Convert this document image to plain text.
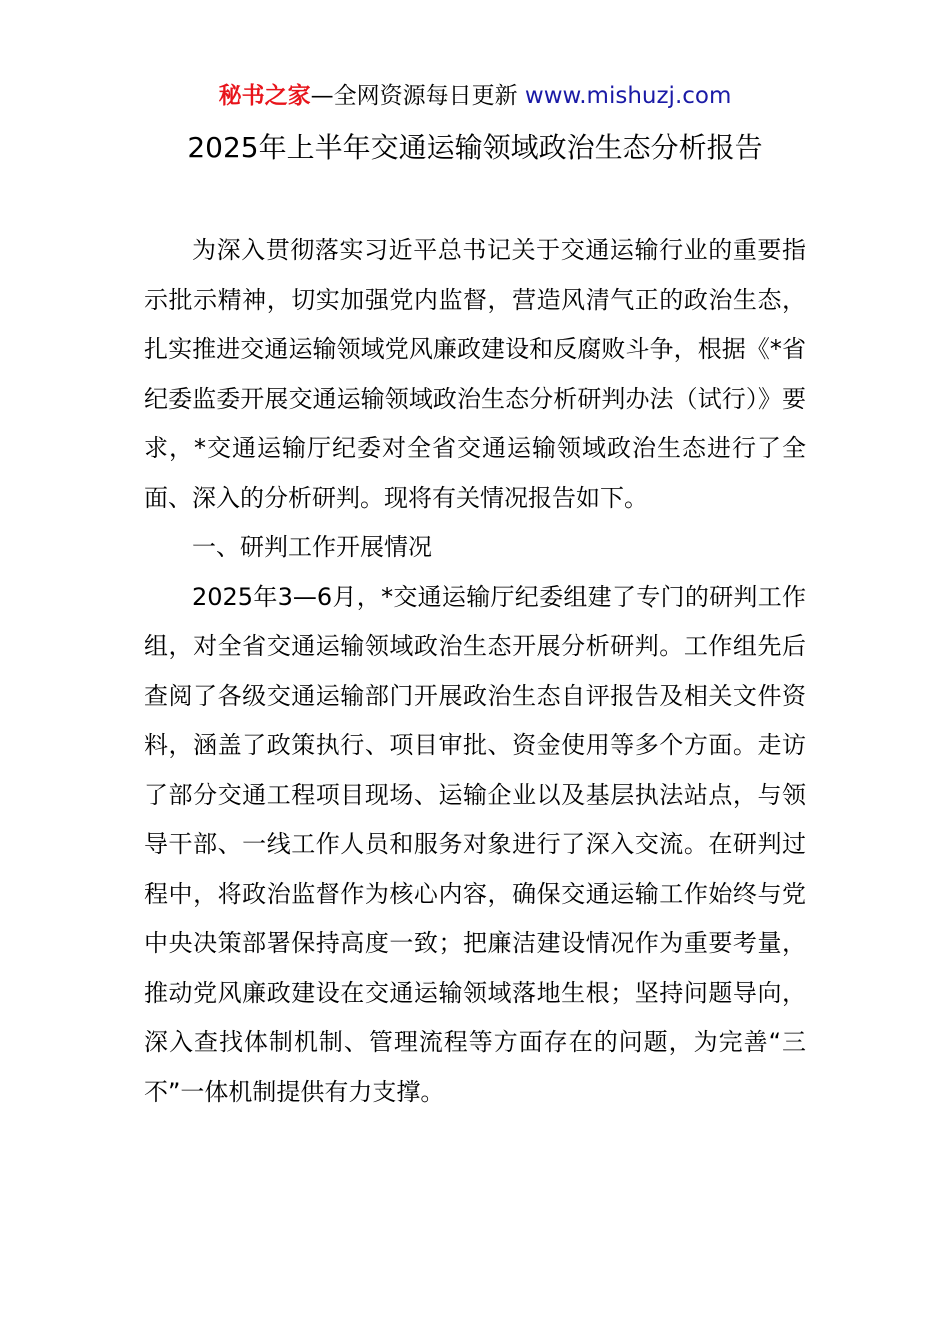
秘书之家—全网资源每日更新 www.mishuzj.com
2025年上半年交通运输领域政治生态分析报告

为深入贯彻落实习近平总书记关于交通运输行业的重要指示批示精神，切实加强党内监督，营造风清气正的政治生态，扎实推进交通运输领域党风廉政建设和反腐败斗争，根据《*省纪委监委开展交通运输领域政治生态分析研判办法（试行）》要求，*交通运输厅纪委对全省交通运输领域政治生态进行了全面、深入的分析研判。现将有关情况报告如下。

一、研判工作开展情况

2025年3—6月，*交通运输厅纪委组建了专门的研判工作组，对全省交通运输领域政治生态开展分析研判。工作组先后查阅了各级交通运输部门开展政治生态自评报告及相关文件资料，涵盖了政策执行、项目审批、资金使用等多个方面。走访了部分交通工程项目现场、运输企业以及基层执法站点，与领导干部、一线工作人员和服务对象进行了深入交流。在研判过程中，将政治监督作为核心内容，确保交通运输工作始终与党中央决策部署保持高度一致；把廉洁建设情况作为重要考量，推动党风廉政建设在交通运输领域落地生根；坚持问题导向，深入查找体制机制、管理流程等方面存在的问题，为完善“三不”一体机制提供有力支撑。
